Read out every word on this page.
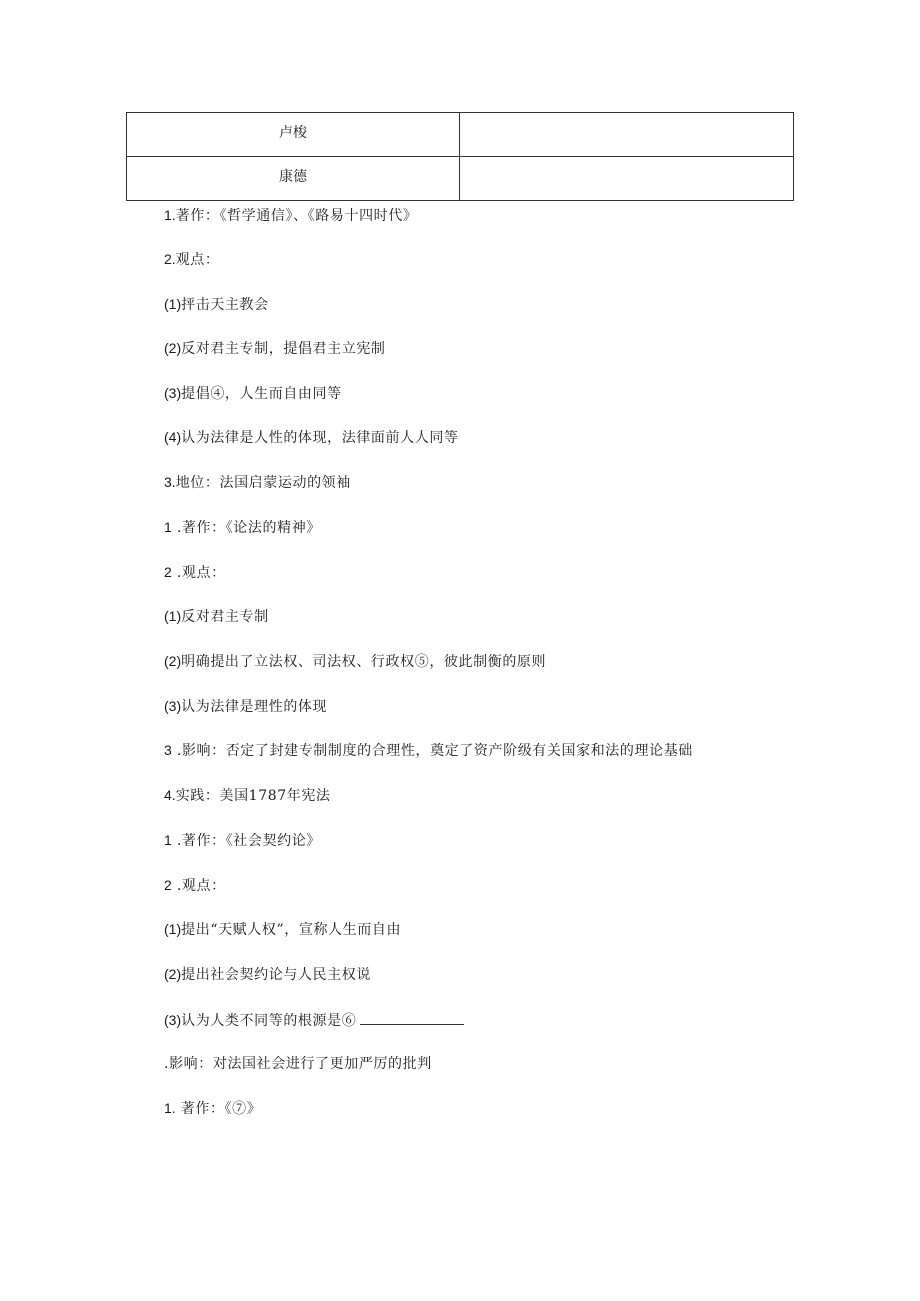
卢梭	
康德	
1.著作：《哲学通信》、《路易十四时代》
2.观点：
(1)抨击天主教会
(2)反对君主专制，提倡君主立宪制
(3)提倡④，人生而自由同等
(4)认为法律是人性的体现，法律面前人人同等
3.地位：法国启蒙运动的领袖
1 .著作：《论法的精神》
2 .观点：
(1)反对君主专制
(2)明确提出了立法权、司法权、行政权⑤，彼此制衡的原则
(3)认为法律是理性的体现
3 .影响：否定了封建专制制度的合理性，奠定了资产阶级有关国家和法的理论基础
4.实践：美国1787年宪法
1 .著作：《社会契约论》
2 .观点：
(1)提出“天赋人权”，宣称人生而自由
(2)提出社会契约论与人民主权说
(3)认为人类不同等的根源是⑥
.影响：对法国社会进行了更加严厉的批判
1. 著作：《⑦》
